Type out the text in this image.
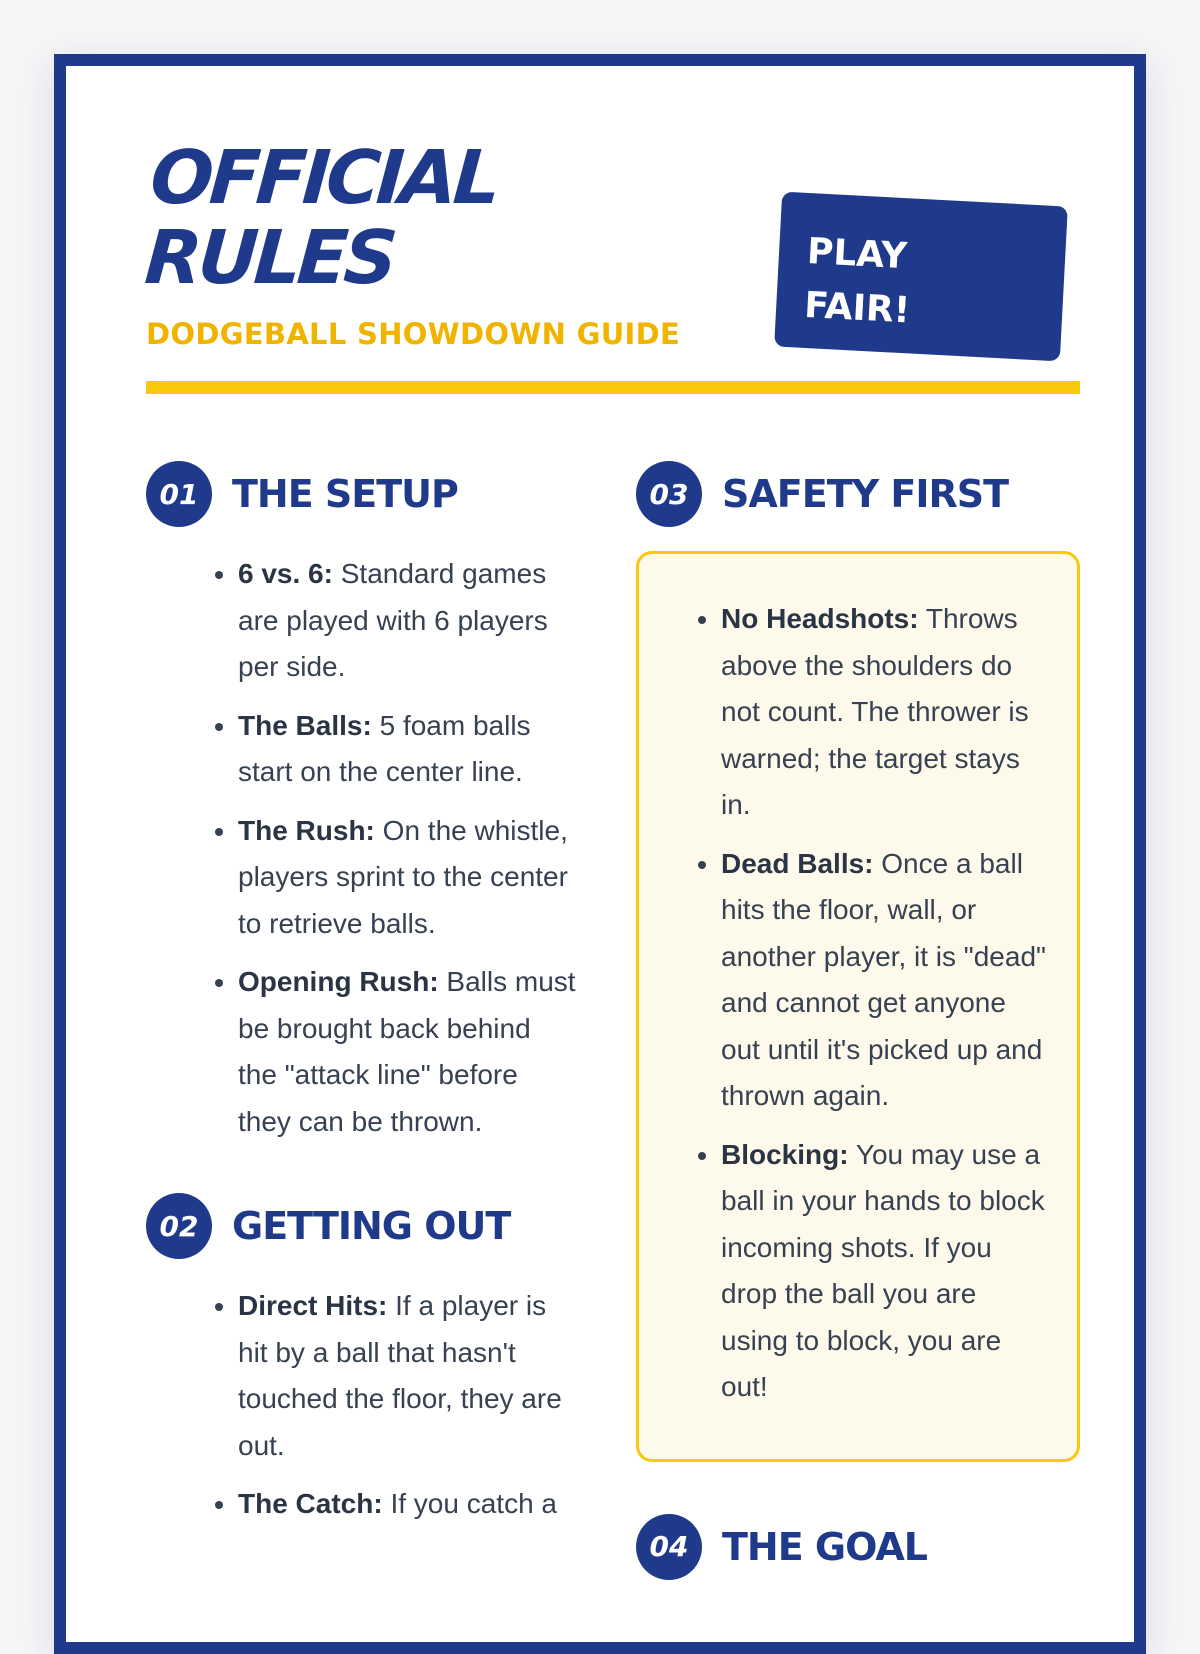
OFFICIAL
RULES
DODGEBALL SHOWDOWN GUIDE
PLAY
FAIR!
01 THE SETUP
• 6 vs. 6: Standard games are played with 6 players per side.
• The Balls: 5 foam balls start on the center line.
• The Rush: On the whistle, players sprint to the center to retrieve balls.
• Opening Rush: Balls must be brought back behind the "attack line" before they can be thrown.
02 GETTING OUT
• Direct Hits: If a player is hit by a ball that hasn't touched the floor, they are out.
• The Catch: If you catch a
03 SAFETY FIRST
• No Headshots: Throws above the shoulders do not count. The thrower is warned; the target stays in.
• Dead Balls: Once a ball hits the floor, wall, or another player, it is "dead" and cannot get anyone out until it's picked up and thrown again.
• Blocking: You may use a ball in your hands to block incoming shots. If you drop the ball you are using to block, you are out!
04 THE GOAL
